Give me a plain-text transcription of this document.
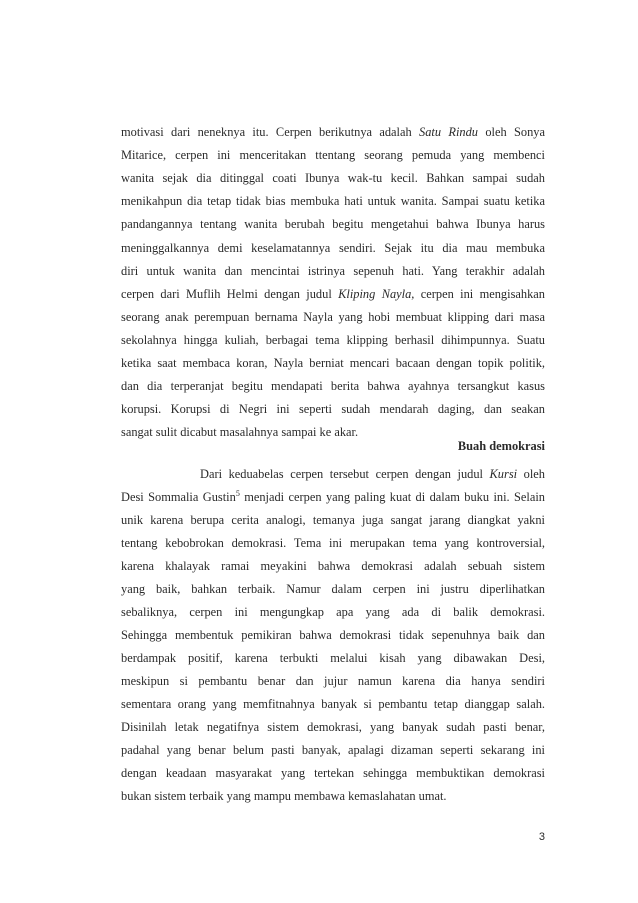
motivasi dari neneknya itu. Cerpen berikutnya adalah Satu Rindu oleh Sonya
Mitarice, cerpen ini menceritakan ttentang seorang pemuda yang membenci
wanita sejak dia ditinggal coati Ibunya wak-tu kecil. Bahkan sampai sudah
menikahpun dia tetap tidak bias membuka hati untuk wanita. Sampai suatu ketika
pandangannya tentang wanita berubah begitu mengetahui bahwa Ibunya harus
meninggalkannya demi keselamatannya sendiri. Sejak itu dia mau membuka
diri untuk wanita dan mencintai istrinya sepenuh hati. Yang terakhir adalah
cerpen dari Muflih Helmi dengan judul Kliping Nayla, cerpen ini mengisahkan
seorang anak perempuan bernama Nayla yang hobi membuat klipping dari masa
sekolahnya hingga kuliah, berbagai tema klipping berhasil dihimpunnya. Suatu
ketika saat membaca koran, Nayla berniat mencari bacaan dengan topik politik,
dan dia terperanjat begitu mendapati berita bahwa ayahnya tersangkut kasus
korupsi. Korupsi di Negri ini seperti sudah mendarah daging, dan seakan
sangat sulit dicabut masalahnya sampai ke akar.
Buah demokrasi
Dari keduabelas cerpen tersebut cerpen dengan judul Kursi oleh
Desi Sommalia Gustin$^5$ menjadi cerpen yang paling kuat di dalam buku ini. Selain
unik karena berupa cerita analogi, temanya juga sangat jarang diangkat yakni
tentang kebobrokan demokrasi. Tema ini merupakan tema yang kontroversial,
karena khalayak ramai meyakini bahwa demokrasi adalah sebuah sistem
yang baik, bahkan terbaik. Namur dalam cerpen ini justru diperlihatkan
sebaliknya, cerpen ini mengungkap apa yang ada di balik demokrasi.
Sehingga membentuk pemikiran bahwa demokrasi tidak sepenuhnya baik dan
berdampak positif, karena terbukti melalui kisah yang dibawakan Desi,
meskipun si pembantu benar dan jujur namun karena dia hanya sendiri
sementara orang yang memfitnahnya banyak si pembantu tetap dianggap salah.
Disinilah letak negatifnya sistem demokrasi, yang banyak sudah pasti benar,
padahal yang benar belum pasti banyak, apalagi dizaman seperti sekarang ini
dengan keadaan masyarakat yang tertekan sehingga membuktikan demokrasi
bukan sistem terbaik yang mampu membawa kemaslahatan umat.
3
